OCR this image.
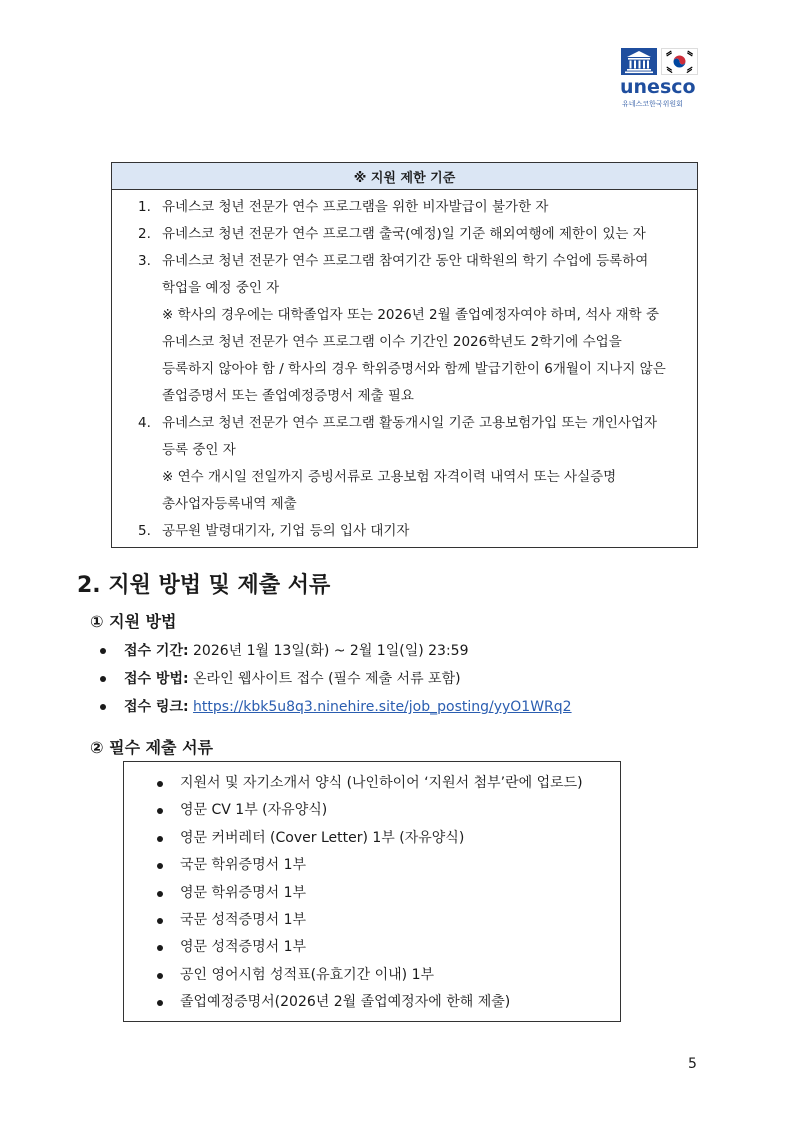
unesco
유네스코한국위원회
※ 지원 제한 기준

1. 유네스코 청년 전문가 연수 프로그램을 위한 비자발급이 불가한 자
2. 유네스코 청년 전문가 연수 프로그램 출국(예정)일 기준 해외여행에 제한이 있는 자
3. 유네스코 청년 전문가 연수 프로그램 참여기간 동안 대학원의 학기 수업에 등록하여
학업을 예정 중인 자
※ 학사의 경우에는 대학졸업자 또는 2026년 2월 졸업예정자여야 하며, 석사 재학 중
유네스코 청년 전문가 연수 프로그램 이수 기간인 2026학년도 2학기에 수업을
등록하지 않아야 함 / 학사의 경우 학위증명서와 함께 발급기한이 6개월이 지나지 않은
졸업증명서 또는 졸업예정증명서 제출 필요
4. 유네스코 청년 전문가 연수 프로그램 활동개시일 기준 고용보험가입 또는 개인사업자
등록 중인 자
※ 연수 개시일 전일까지 증빙서류로 고용보험 자격이력 내역서 또는 사실증명
총사업자등록내역 제출
5. 공무원 발령대기자, 기업 등의 입사 대기자
2. 지원 방법 및 제출 서류
① 지원 방법
접수 기간: 2026년 1월 13일(화) ~ 2월 1일(일) 23:59
접수 방법: 온라인 웹사이트 접수 (필수 제출 서류 포함)
접수 링크: https://kbk5u8q3.ninehire.site/job_posting/yyO1WRq2
② 필수 제출 서류
지원서 및 자기소개서 양식 (나인하이어 ‘지원서 첨부’란에 업로드)
영문 CV 1부 (자유양식)
영문 커버레터 (Cover Letter) 1부 (자유양식)
국문 학위증명서 1부
영문 학위증명서 1부
국문 성적증명서 1부
영문 성적증명서 1부
공인 영어시험 성적표(유효기간 이내) 1부
졸업예정증명서(2026년 2월 졸업예정자에 한해 제출)
5
